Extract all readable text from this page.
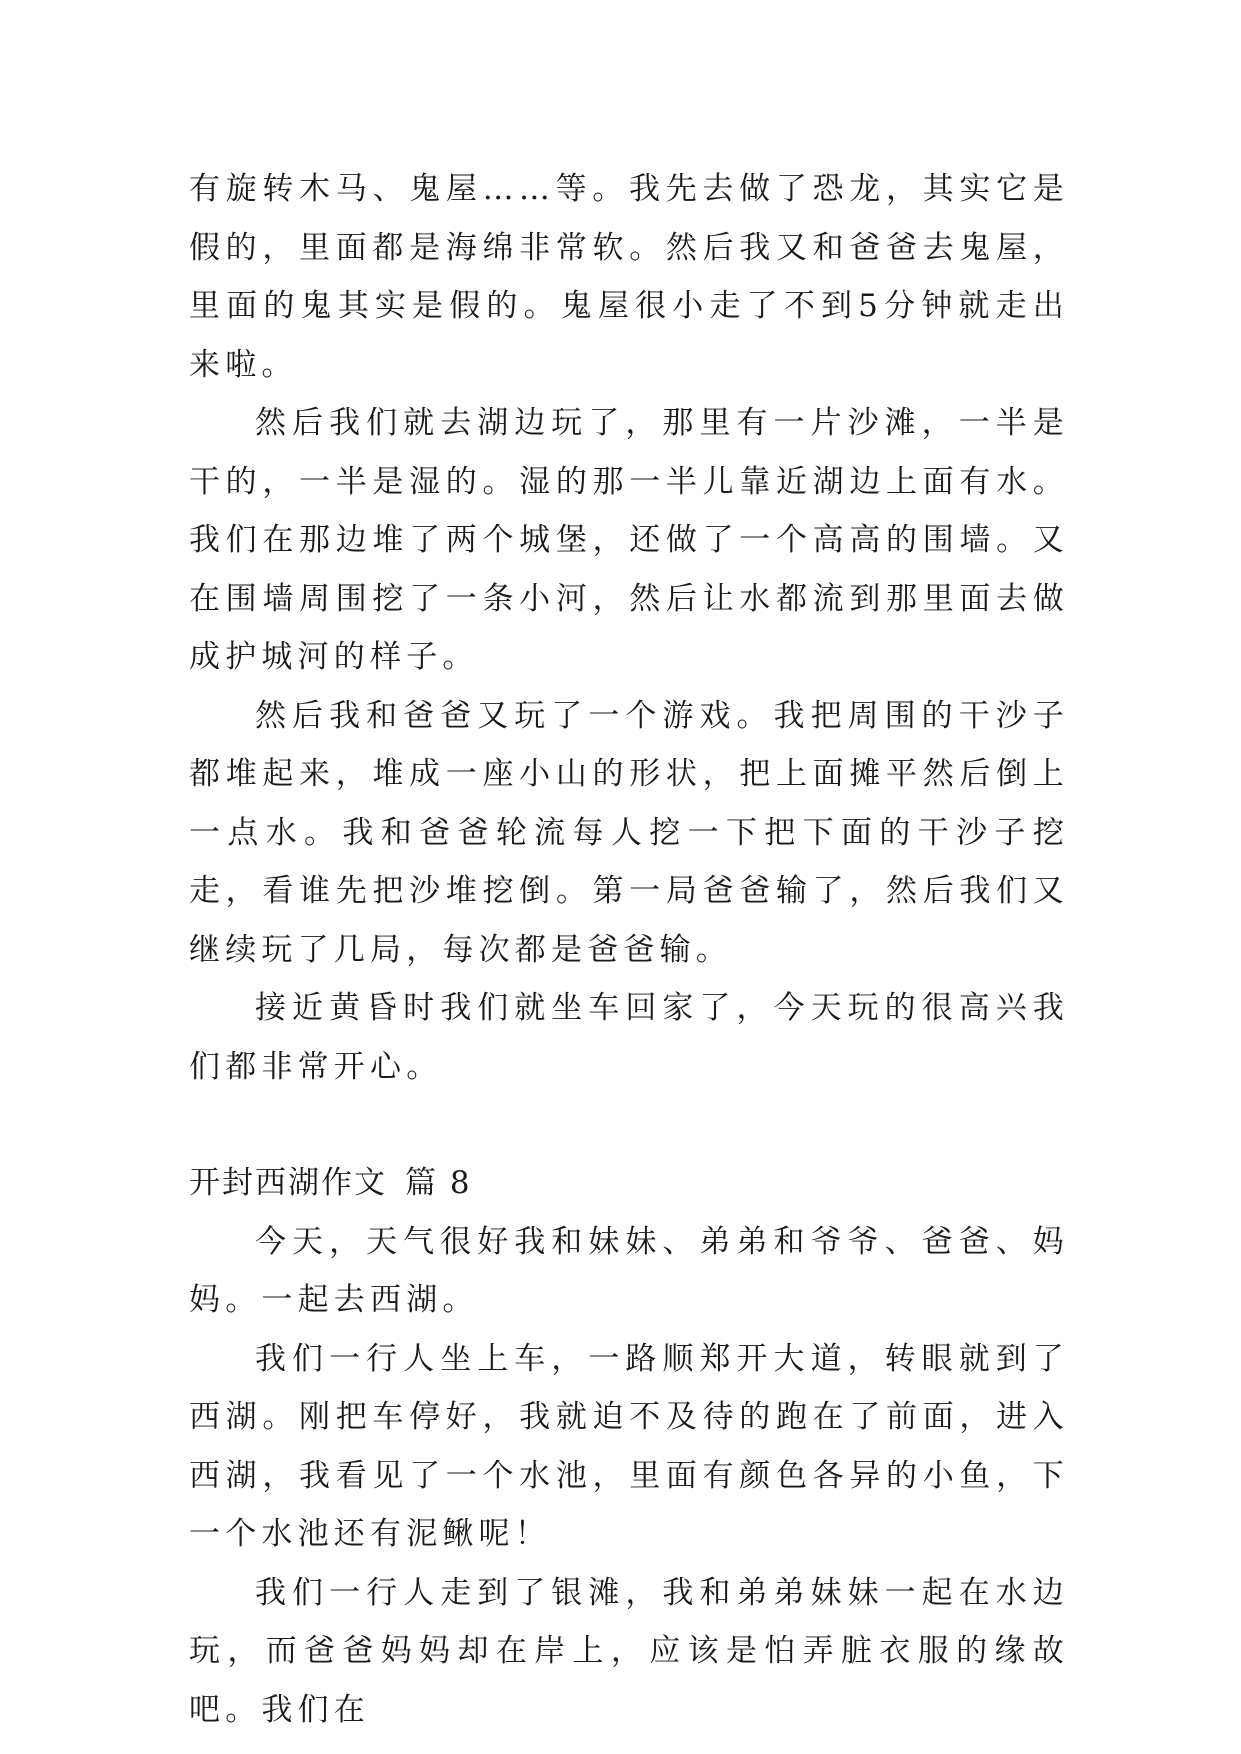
有旋转木马、鬼屋……等。我先去做了恐龙，其实它是假的，里面都是海绵非常软。然后我又和爸爸去鬼屋，里面的鬼其实是假的。鬼屋很小走了不到5分钟就走出来啦。

然后我们就去湖边玩了，那里有一片沙滩，一半是干的，一半是湿的。湿的那一半儿靠近湖边上面有水。我们在那边堆了两个城堡，还做了一个高高的围墙。又在围墙周围挖了一条小河，然后让水都流到那里面去做成护城河的样子。

然后我和爸爸又玩了一个游戏。我把周围的干沙子都堆起来，堆成一座小山的形状，把上面摊平然后倒上一点水。我和爸爸轮流每人挖一下把下面的干沙子挖走，看谁先把沙堆挖倒。第一局爸爸输了，然后我们又继续玩了几局，每次都是爸爸输。

接近黄昏时我们就坐车回家了，今天玩的很高兴我们都非常开心。

开封西湖作文 篇 8

今天，天气很好我和妹妹、弟弟和爷爷、爸爸、妈妈。一起去西湖。

我们一行人坐上车，一路顺郑开大道，转眼就到了西湖。刚把车停好，我就迫不及待的跑在了前面，进入西湖，我看见了一个水池，里面有颜色各异的小鱼，下一个水池还有泥鳅呢！

我们一行人走到了银滩，我和弟弟妹妹一起在水边玩，而爸爸妈妈却在岸上，应该是怕弄脏衣服的缘故吧。我们在
